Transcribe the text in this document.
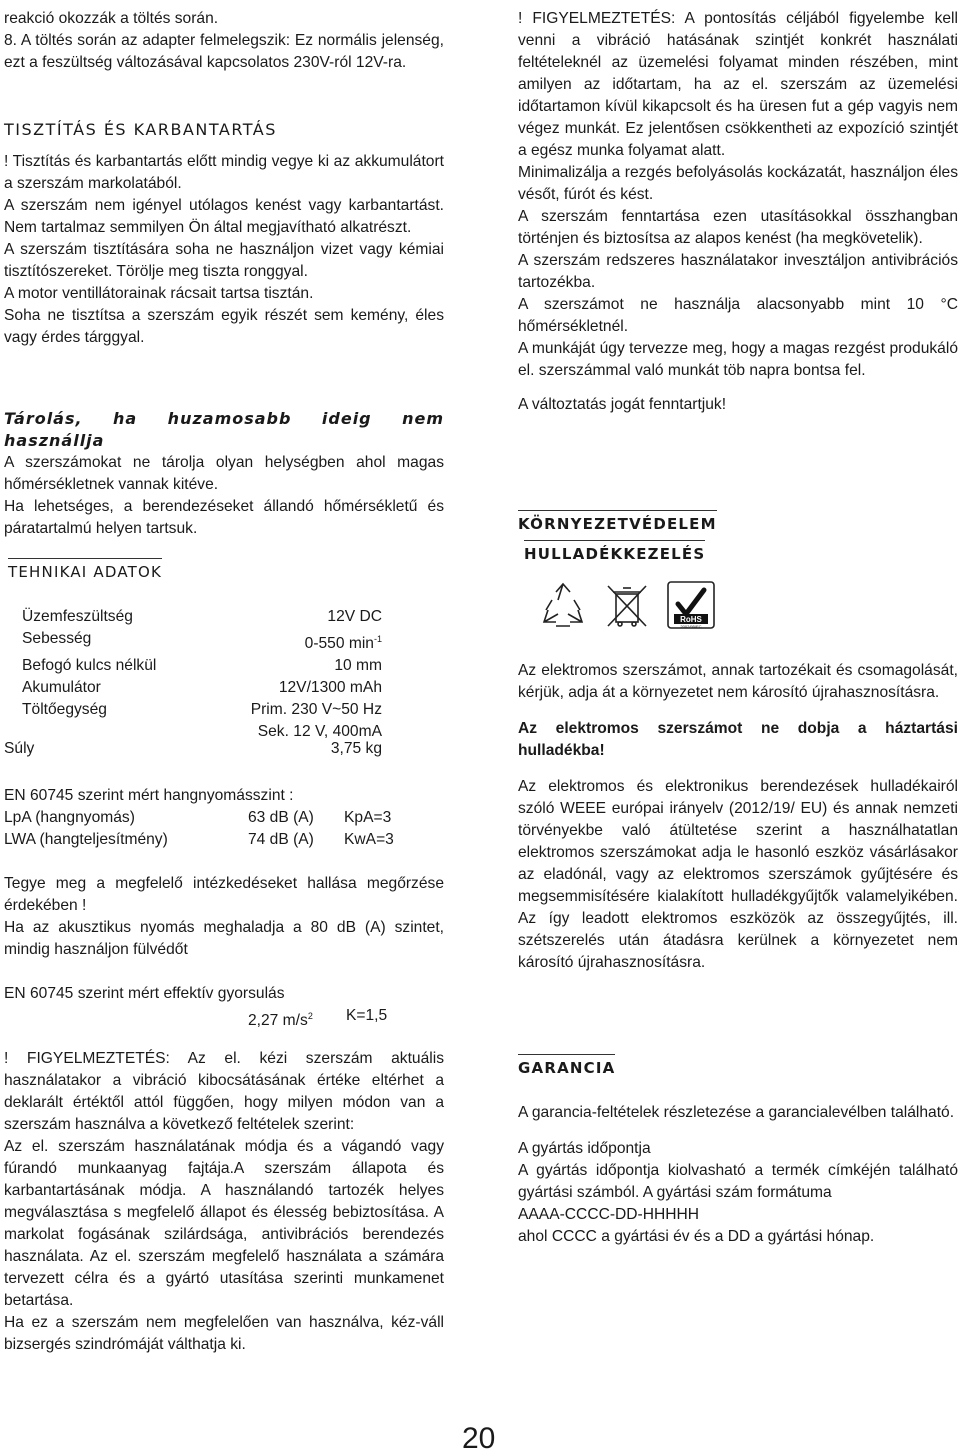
reakció okozzák a töltés során.

8. A töltés során az adapter felmelegszik: Ez normális jelenség, ezt a feszültség változásával kapcsolatos 230V-ról 12V-ra.

TISZTÍTÁS ÉS KARBANTARTÁS

! Tisztítás és karbantartás előtt mindig vegye ki az akkumulátort a szerszám markolatából.

A szerszám nem igényel utólagos kenést vagy karbantartást. Nem tartalmaz semmilyen Ön által megjavítható alkatrészt.

A szerszám tisztítására soha ne használjon vizet vagy kémiai tisztítószereket. Törölje meg tiszta ronggyal.

A motor ventillátorainak rácsait tartsa tisztán.

Soha ne tisztítsa a szerszám egyik részét sem kemény, éles vagy érdes tárggyal.

Tárolás, ha huzamosabb ideig nem használlja

A szerszámokat ne tárolja olyan helységben ahol magas hőmérsékletnek vannak kitéve.

Ha lehetséges, a berendezéseket állandó hőmérsékletű és páratartalmú helyen tartsuk.

TEHNIKAI ADATOK
Üzemfeszültség	12V DC
Sebesség	0-550 $\min^{-1}$
Befogó kulcs nélkül	10 mm
Akumulátor	12V/1300 mAh
Töltőegység	Prim. 230 V~50 Hz
	Sek. 12 V, 400mA
Súly	3,75 kg
EN 60745 szerint mért hangnyomásszint :
LpA (hangnyomás)	63 dB (A) KpA=3
LWA (hangteljesítmény)	74 dB (A) KwA=3

Tegye meg a megfelelő intézkedéseket hallása megőrzése érdekében !

Ha az akusztikus nyomás meghaladja a 80 dB (A) szintet, mindig használjon fülvédőt

EN 60745 szerint mért effektív gyorsulás
2,27 $m/s^2$ K=1,5

! FIGYELMEZTETÉS: Az el. kézi szerszám aktuális használatakor a vibráció kibocsátásának értéke eltérhet a deklarált értéktől attól függően, hogy milyen módon van a szerszám használva a következő feltételek szerint:

Az el. szerszám használatának módja és a vágandó vagy fúrandó munkaanyag fajtája.A szerszám állapota és karbantartásának módja. A használandó tartozék helyes megválasztása s megfelelő állapot és élesség bebiztosítása. A markolat fogásának szilárdsága, antivibrációs berendezés használata. Az el. szerszám megfelelő használata a számára tervezett célra és a gyártó utasítása szerinti munkamenet betartása.

Ha ez a szerszám nem megfelelően van használva, kéz-váll bizsergés szindrómáját válthatja ki.

! FIGYELMEZTETÉS: A pontosítás céljából figyelembe kell venni a vibráció hatásának szintjét konkrét használati feltételeknél az üzemelési folyamat minden részében, mint amilyen az időtartam, ha az el. szerszám az üzemelési időtartamon kívül kikapcsolt és ha üresen fut a gép vagyis nem végez munkát. Ez jelentősen csökkentheti az expozíció szintjét a egész munka folyamat alatt.

Minimalizálja a rezgés befolyásolás kockázatát, használjon éles vésőt, fúrót és kést.

A szerszám fenntartása ezen utasításokkal összhangban történjen és biztosítsa az alapos kenést (ha megkövetelik).

A szerszám redszeres használatakor invesztáljon antivibrációs tartozékba.

A szerszámot ne használja alacsonyabb mint 10 °C hőmérsékletnél.

A munkáját úgy tervezze meg, hogy a magas rezgést produkáló el. szerszámmal való munkát töb napra bontsa fel.

A változtatás jogát fenntartjuk!

KÖRNYEZETVÉDELEM
HULLADÉKKEZELÉS
RoHS
2002/95/EC

Az elektromos szerszámot, annak tartozékait és csomagolását, kérjük, adja át a környezetet nem károsító újrahasznosításra.

Az elektromos szerszámot ne dobja a háztartási hulladékba!

Az elektromos és elektronikus berendezések hulladékairól szóló WEEE európai irányelv (2012/19/ EU) és annak nemzeti törvényekbe való átültetése szerint a használhatatlan elektromos szerszámokat adja le hasonló eszköz vásárlásakor az eladónál, vagy az elektromos szerszámok gyűjtésére és megsemmisítésére kialakított hulladékgyűjtők valamelyikében. Az így leadott elektromos eszközök az összegyűjtés, ill. szétszerelés után átadásra kerülnek a környezetet nem károsító újrahasznosításra.

GARANCIA

A garancia-feltételek részletezése a garancialevélben található.

A gyártás időpontja

A gyártás időpontja kiolvasható a termék címkéjén található gyártási számból. A gyártási szám formátuma

AAAA-CCCC-DD-HHHHH

ahol CCCC a gyártási év és a DD a gyártási hónap.

20
